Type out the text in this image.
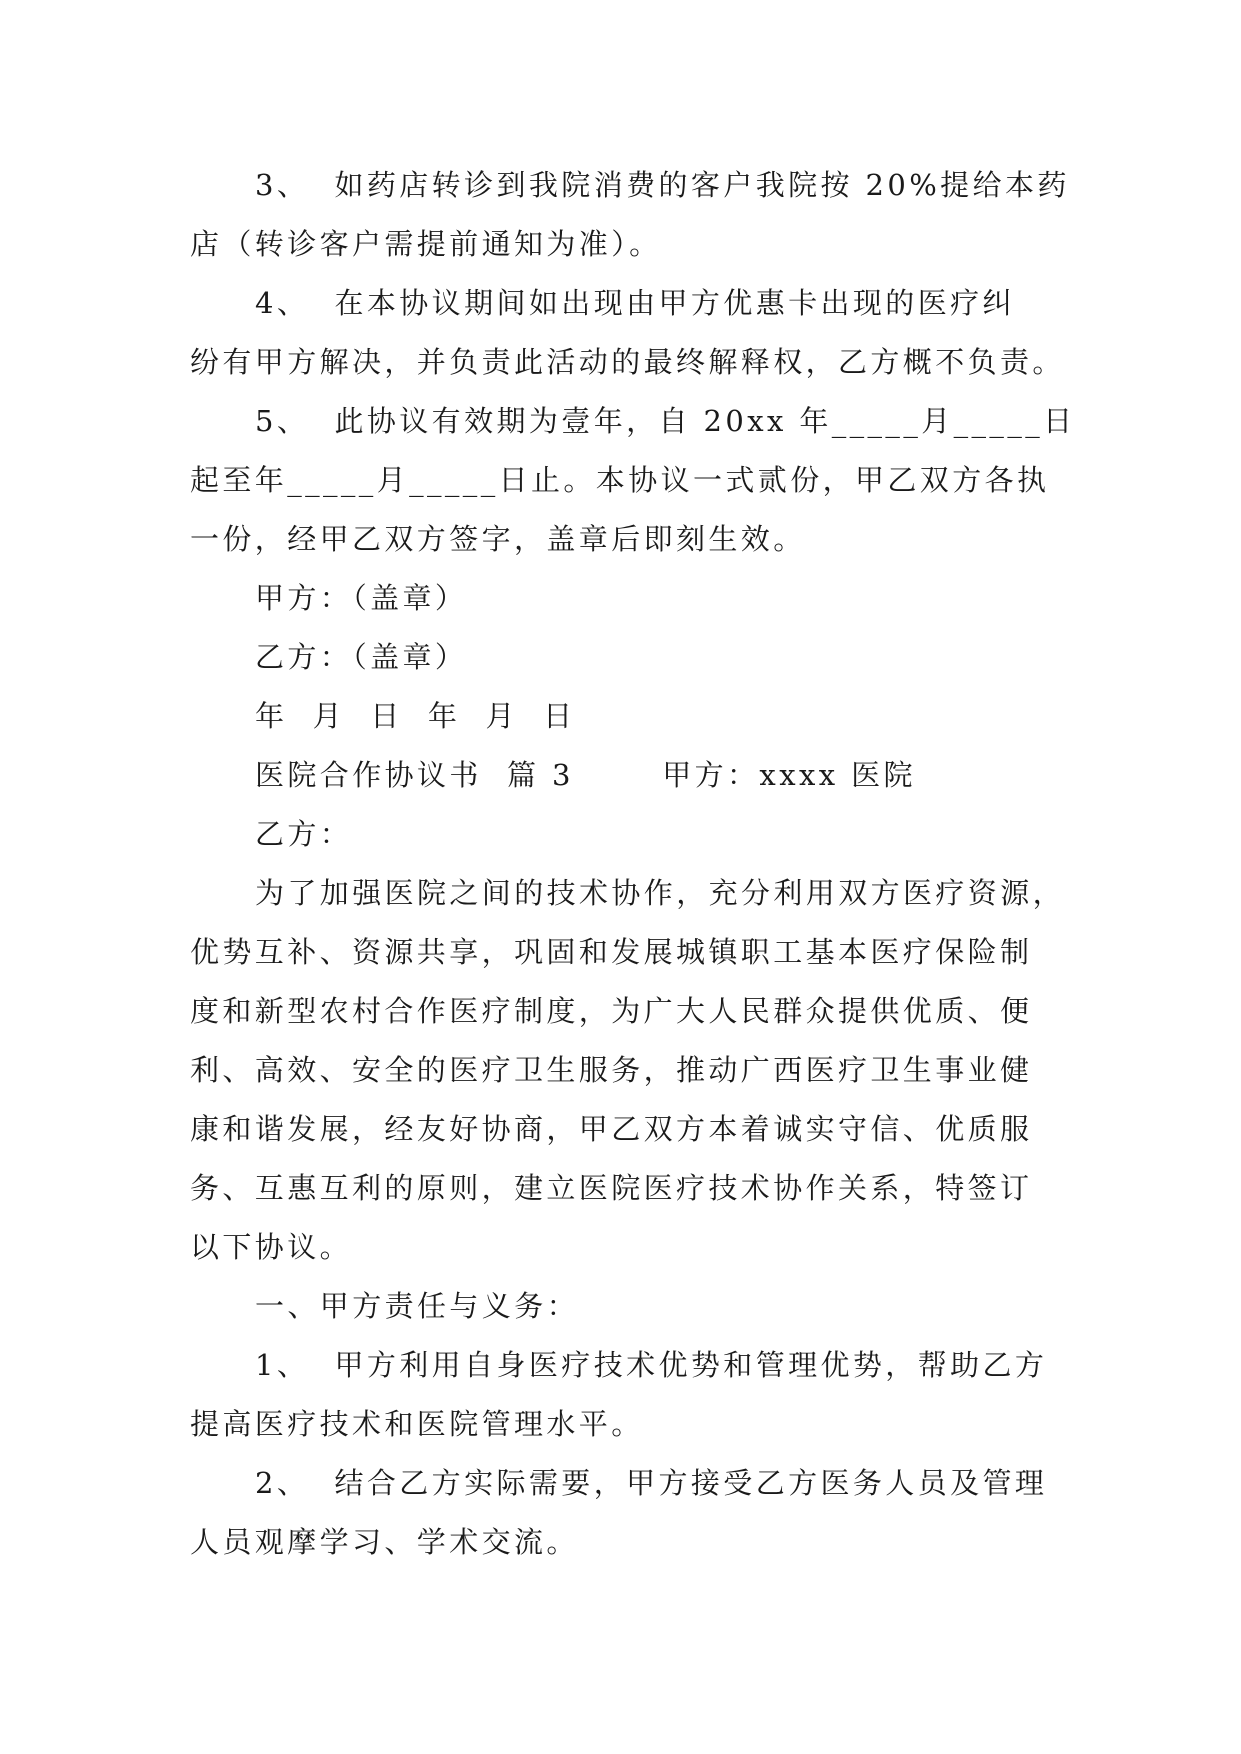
3、  如药店转诊到我院消费的客户我院按 20%提给本药
店（转诊客户需提前通知为准）。
4、  在本协议期间如出现由甲方优惠卡出现的医疗纠
纷有甲方解决，并负责此活动的最终解释权，乙方概不负责。
5、  此协议有效期为壹年，自 20xx 年_____月_____日
起至年_____月_____日止。本协议一式贰份，甲乙双方各执
一份，经甲乙双方签字，盖章后即刻生效。
甲方：（盖章）
乙方：（盖章）
年  月  日  年  月  日
医院合作协议书  篇 3       甲方：xxxx 医院
乙方：
为了加强医院之间的技术协作，充分利用双方医疗资源，
优势互补、资源共享，巩固和发展城镇职工基本医疗保险制
度和新型农村合作医疗制度，为广大人民群众提供优质、便
利、高效、安全的医疗卫生服务，推动广西医疗卫生事业健
康和谐发展，经友好协商，甲乙双方本着诚实守信、优质服
务、互惠互利的原则，建立医院医疗技术协作关系，特签订
以下协议。
一、甲方责任与义务：
1、  甲方利用自身医疗技术优势和管理优势，帮助乙方
提高医疗技术和医院管理水平。
2、  结合乙方实际需要，甲方接受乙方医务人员及管理
人员观摩学习、学术交流。
